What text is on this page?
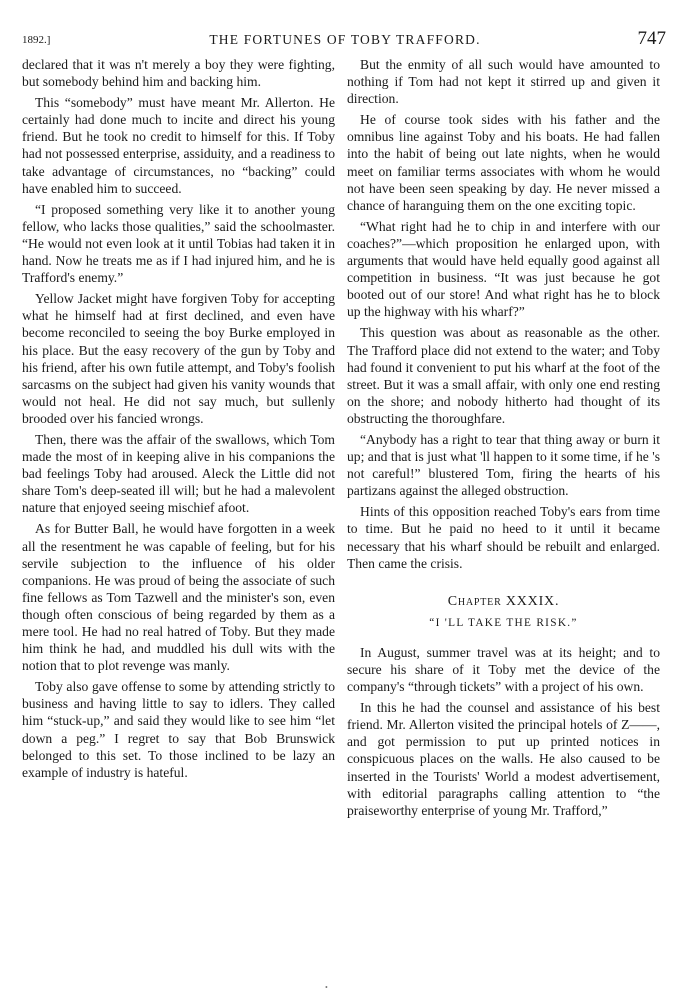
1892.]	THE FORTUNES OF TOBY TRAFFORD.	747

declared that it was n't merely a boy they were fighting, but somebody behind him and backing him.

This “somebody” must have meant Mr. Allerton. He certainly had done much to incite and direct his young friend. But he took no credit to himself for this. If Toby had not possessed enterprise, assiduity, and a readiness to take advantage of circumstances, no “backing” could have enabled him to succeed.

“I proposed something very like it to another young fellow, who lacks those qualities,” said the schoolmaster. “He would not even look at it until Tobias had taken it in hand. Now he treats me as if I had injured him, and he is Trafford's enemy.”

Yellow Jacket might have forgiven Toby for accepting what he himself had at first declined, and even have become reconciled to seeing the boy Burke employed in his place. But the easy recovery of the gun by Toby and his friend, after his own futile attempt, and Toby's foolish sarcasms on the subject had given his vanity wounds that would not heal. He did not say much, but sullenly brooded over his fancied wrongs.

Then, there was the affair of the swallows, which Tom made the most of in keeping alive in his companions the bad feelings Toby had aroused. Aleck the Little did not share Tom's deep-seated ill will; but he had a malevolent nature that enjoyed seeing mischief afoot.

As for Butter Ball, he would have forgotten in a week all the resentment he was capable of feeling, but for his servile subjection to the influence of his older companions. He was proud of being the associate of such fine fellows as Tom Tazwell and the minister's son, even though often conscious of being regarded by them as a mere tool. He had no real hatred of Toby. But they made him think he had, and muddled his dull wits with the notion that to plot revenge was manly.

Toby also gave offense to some by attending strictly to business and having little to say to idlers. They called him “stuck-up,” and said they would like to see him “let down a peg.” I regret to say that Bob Brunswick belonged to this set. To those inclined to be lazy an example of industry is hateful.

But the enmity of all such would have amounted to nothing if Tom had not kept it stirred up and given it direction.

He of course took sides with his father and the omnibus line against Toby and his boats. He had fallen into the habit of being out late nights, when he would meet on familiar terms associates with whom he would not have been seen speaking by day. He never missed a chance of haranguing them on the one exciting topic.

“What right had he to chip in and interfere with our coaches?”—which proposition he enlarged upon, with arguments that would have held equally good against all competition in business. “It was just because he got booted out of our store! And what right has he to block up the highway with his wharf?”

This question was about as reasonable as the other. The Trafford place did not extend to the water; and Toby had found it convenient to put his wharf at the foot of the street. But it was a small affair, with only one end resting on the shore; and nobody hitherto had thought of its obstructing the thoroughfare.

“Anybody has a right to tear that thing away or burn it up; and that is just what 'll happen to it some time, if he 's not careful!” blustered Tom, firing the hearts of his partizans against the alleged obstruction.

Hints of this opposition reached Toby's ears from time to time. But he paid no heed to it until it became necessary that his wharf should be rebuilt and enlarged. Then came the crisis.

Chapter XXXIX.
“I 'LL TAKE THE RISK.”

In August, summer travel was at its height; and to secure his share of it Toby met the device of the company's “through tickets” with a project of his own.

In this he had the counsel and assistance of his best friend. Mr. Allerton visited the principal hotels of Z——, and got permission to put up printed notices in conspicuous places on the walls. He also caused to be inserted in the Tourists' World a modest advertisement, with editorial paragraphs calling attention to “the praiseworthy enterprise of young Mr. Trafford,”

•
